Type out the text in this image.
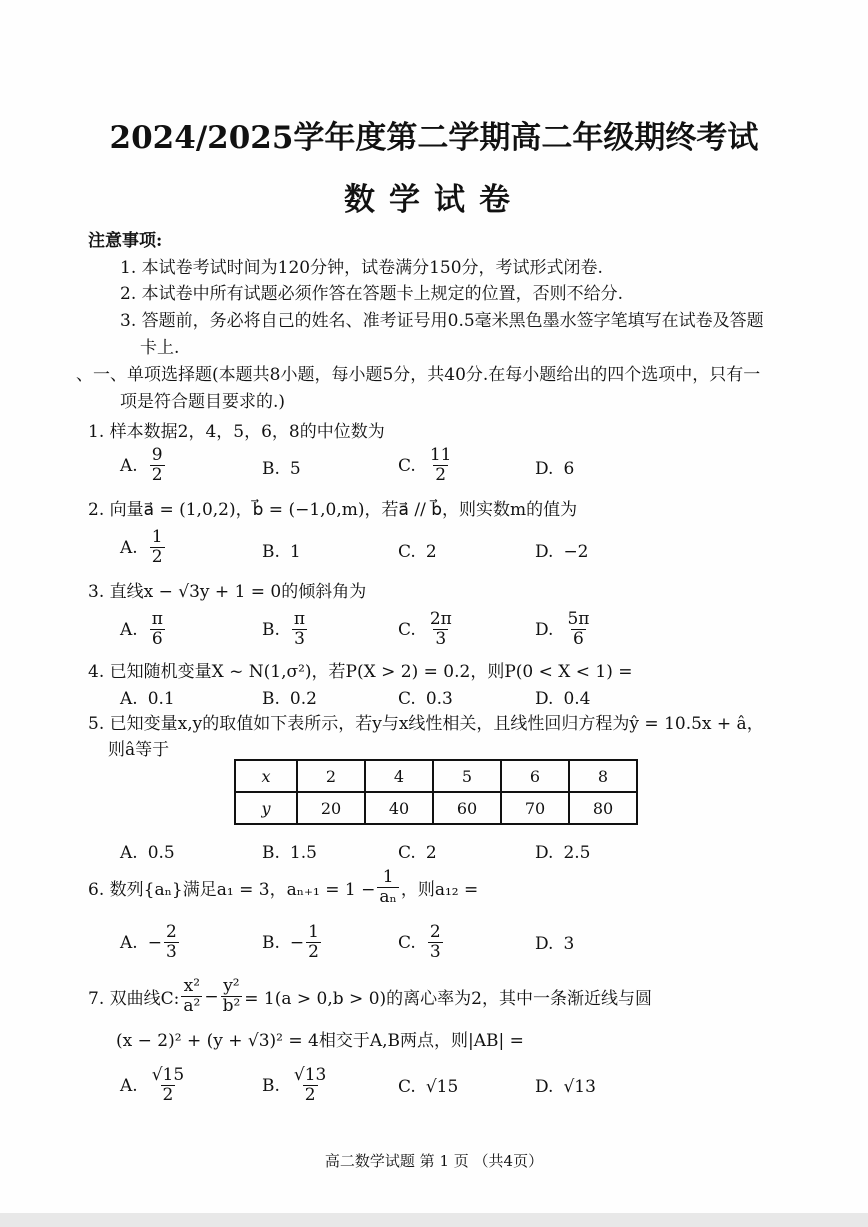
2024/2025学年度第二学期高二年级期终考试
数学试卷
注意事项:
1. 本试卷考试时间为120分钟，试卷满分150分，考试形式闭卷.
2. 本试卷中所有试题必须作答在答题卡上规定的位置，否则不给分.
3. 答题前，务必将自己的姓名、准考证号用0.5毫米黑色墨水签字笔填写在试卷及答题
卡上.
、一、单项选择题(本题共8小题，每小题5分，共40分.在每小题给出的四个选项中，只有一
项是符合题目要求的.)
1. 样本数据2，4，5，6，8的中位数为
A. $\frac{9}{2}$	B. 5	C. $\frac{11}{2}$	D. 6
2. 向量a⃗ = (1,0,2)，b⃗ = (−1,0,m)，若a⃗ // b⃗，则实数m的值为
A. $\frac{1}{2}$	B. 1	C. 2	D. −2
3. 直线x − √3y + 1 = 0的倾斜角为
A. $\frac{\pi}{6}$	B. $\frac{\pi}{3}$	C. $\frac{2\pi}{3}$	D. $\frac{5\pi}{6}$
4. 已知随机变量X ~ N(1,σ²)，若P(X > 2) = 0.2，则P(0 < X < 1) =
A. 0.1	B. 0.2	C. 0.3	D. 0.4
5. 已知变量x,y的取值如下表所示，若y与x线性相关，且线性回归方程为ŷ = 10.5x + â，
则â等于
x	2	4	5	6	8
y	20	40	60	70	80
A. 0.5	B. 1.5	C. 2	D. 2.5
6. 数列{aₙ}满足a₁ = 3，$a_{n+1} = 1 - \frac{1}{\text{aₙ}}$ ，则a₁₂ =
A. − $\frac{2}{3}$	B. − $\frac{1}{2}$	C. $\frac{2}{3}$	D. 3
7. 双曲线C: $\frac{\text{x²}}{\text{a²}} - \frac{\text{y²}}{\text{b²}} = 1(a > 0,b > 0)$的离心率为2，其中一条渐近线与圆
(x − 2)² + (y + √3)² = 4相交于A,B两点，则|AB| =
A. $\frac{√15}{2}$	B. $\frac{√13}{2}$	C. √15	D. √13
高二数学试题 第 1 页 （共4页）
